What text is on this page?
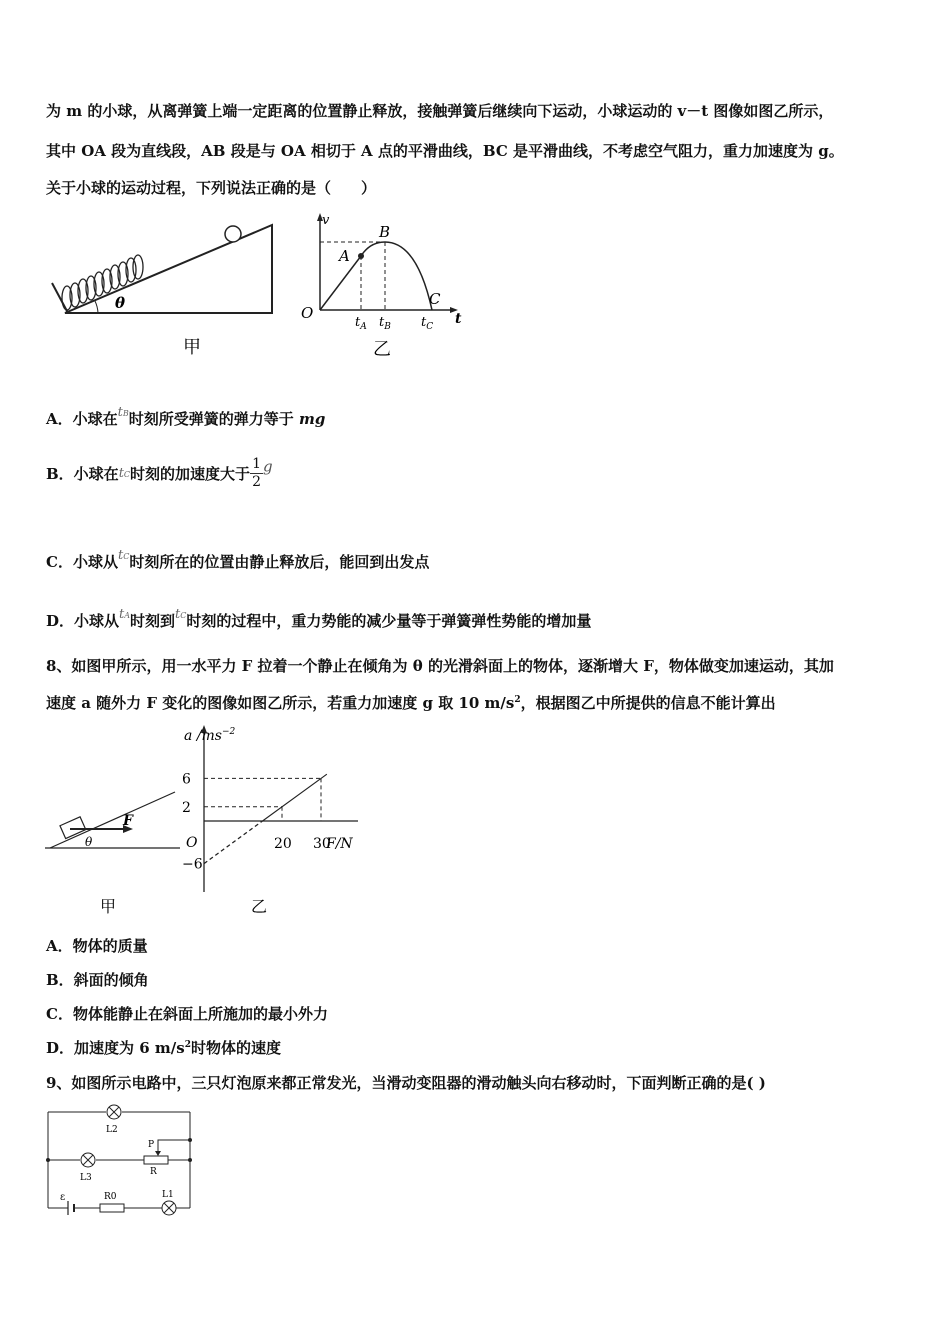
为 m 的小球，从离弹簧上端一定距离的位置静止释放，接触弹簧后继续向下运动，小球运动的 v－t 图像如图乙所示，
其中 OA 段为直线段，AB 段是与 OA 相切于 A 点的平滑曲线，BC 是平滑曲线，不考虑空气阻力，重力加速度为 g。
关于小球的运动过程，下列说法正确的是（　　）
θ
甲
v
t
O
A
B
C
$t_A$ $t_B$ $t_C$
乙
A．小球在tB时刻所受弹簧的弹力等于 mg
B．小球在tC时刻的加速度大于 $\frac{1}{2}$ g
C．小球从tC时刻所在的位置由静止释放后，能回到出发点
D．小球从tA时刻到tC时刻的过程中，重力势能的减少量等于弹簧弹性势能的增加量
8、如图甲所示，用一水平力 F 拉着一个静止在倾角为 θ 的光滑斜面上的物体，逐渐增大 F，物体做变加速运动，其加
速度 a 随外力 F 变化的图像如图乙所示，若重力加速度 g 取 10 $m/s^2$，根据图乙中所提供的信息不能计算出
F
θ
甲
a $/ms^{-2}$
F/N
O
6
2
−6
20 30
乙
A．物体的质量
B．斜面的倾角
C．物体能静止在斜面上所施加的最小外力
D．加速度为 6 $m/s^2$时物体的速度
9、如图所示电路中，三只灯泡原来都正常发光，当滑动变阻器的滑动触头向右移动时，下面判断正确的是( )
L2
L3
L1
R0
R
P
ε
